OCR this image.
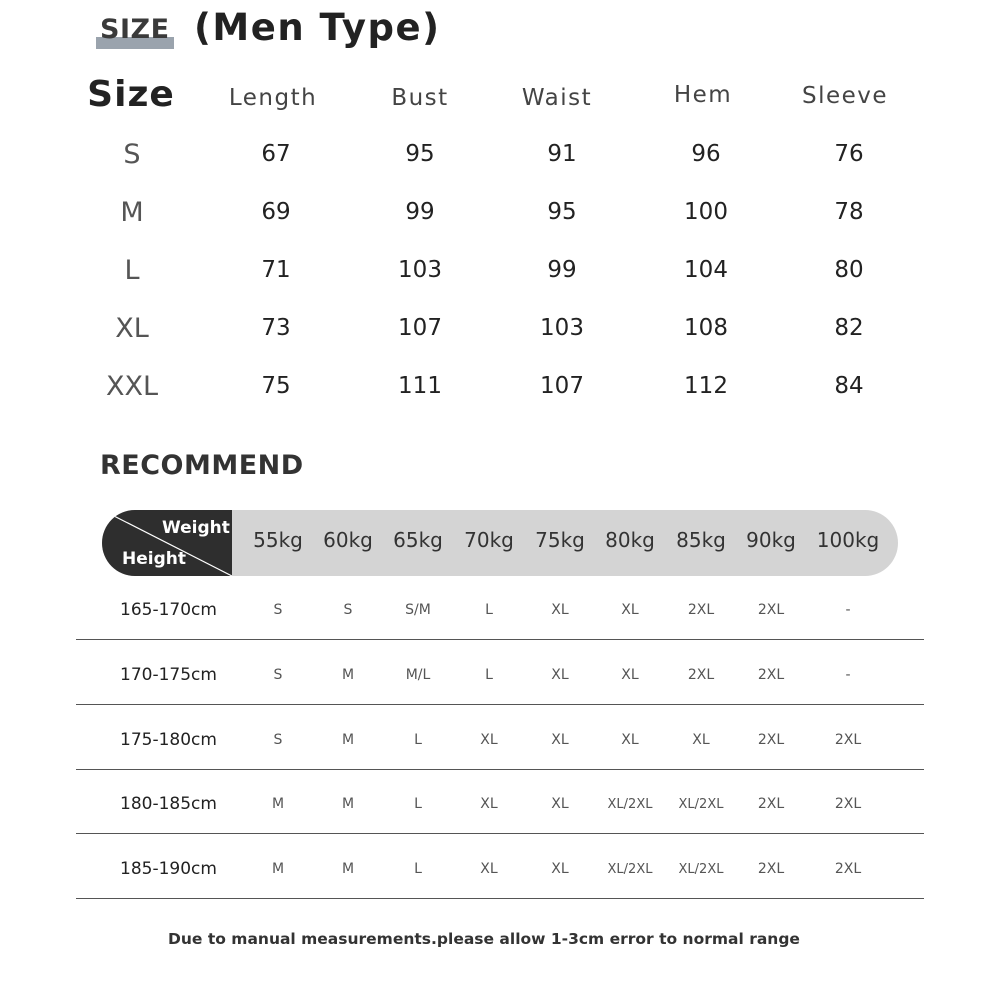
SIZE (Men Type)
Size Length	Bust	Waist	Hem	Sleeve
S	67	95	91	96	76
M	69	99	95	100	78
L	71	103	99	104	80
XL	73	107	103	108	82
XXL	75	111	107	112	84
RECOMMEND
Weight
Height
55kg 60kg 65kg 70kg 75kg 80kg 85kg 90kg 100kg
165-170cm	S	S	S/M	L	XL	XL	2XL	2XL	-
170-175cm	S	M	M/L	L	XL	XL	2XL	2XL	-
175-180cm	S	M	L	XL	XL	XL	XL	2XL	2XL
180-185cm	M	M	L	XL	XL	XL/2XL XL/2XL 2XL	2XL
185-190cm	M	M	L	XL	XL	XL/2XL XL/2XL 2XL	2XL
Due to manual measurements.please allow 1-3cm error to normal range
